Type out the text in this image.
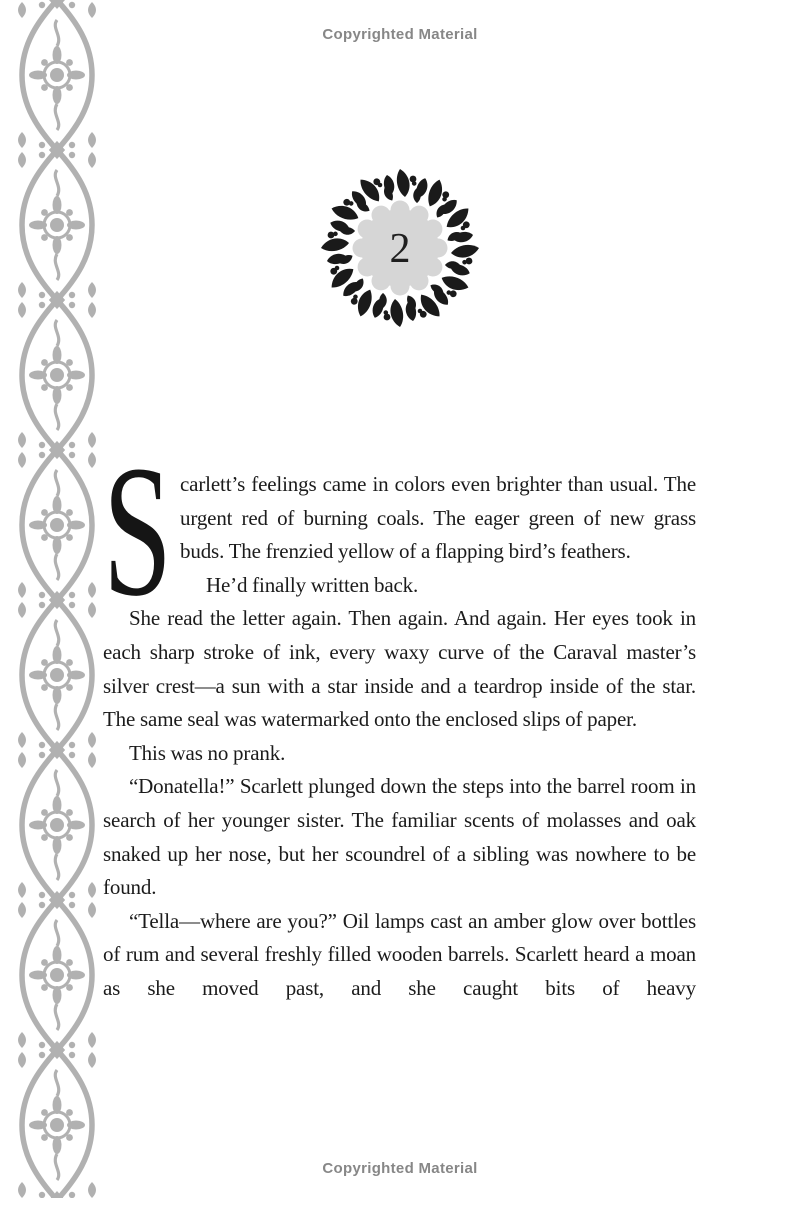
Copyrighted Material
2

S carlett’s feelings came in colors even brighter than usual. The urgent red of burning coals. The eager green of new grass buds. The frenzied yellow of a flapping bird’s feathers.

He’d finally written back.

She read the letter again. Then again. And again. Her eyes took in each sharp stroke of ink, every waxy curve of the Caraval master’s silver crest—a sun with a star inside and a teardrop inside of the star. The same seal was watermarked onto the enclosed slips of paper.

This was no prank.

“Donatella!” Scarlett plunged down the steps into the barrel room in search of her younger sister. The familiar scents of molasses and oak snaked up her nose, but her scoundrel of a sibling was nowhere to be found.

“Tella—where are you?” Oil lamps cast an amber glow over bottles of rum and several freshly filled wooden barrels. Scarlett heard a moan as she moved past, and she caught bits of heavy

Copyrighted Material
